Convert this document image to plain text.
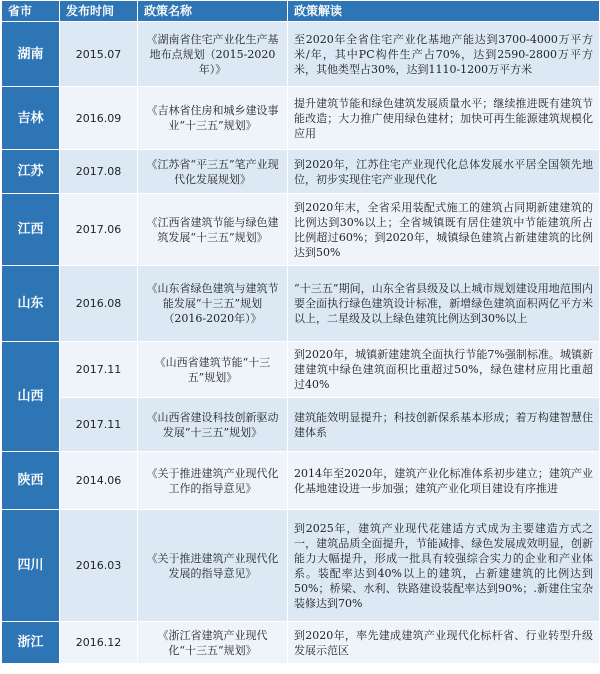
省市	发布时间	政策名称	政策解读
湖南	2015.07	《湖南省住宅产业化生产基地布点规划（2015-2020年）》	至2020年全省住宅产业化基地产能达到3700-4000万平方米/年，其中PC构件生产占70%，达到2590-2800万平方米，其他类型占30%，达到1110-1200万平方米
吉林	2016.09	《吉林省住房和城乡建设事业“十三五”规划》	提升建筑节能和绿色建筑发展质量水平；继续推进既有建筑节能改造；大力推广使用绿色建材；加快可再生能源建筑规模化应用
江苏	2017.08	《江苏省“平三五”笔产业现代化发展规划》	到2020年，江苏住宅产业现代化总体发展水平居全国领先地位，初步实现住宅产业现代化
江西	2017.06	《江西省建筑节能与绿色建筑发展“十三五”规划》	到2020年末，全省采用装配式施工的建筑占同期新建建筑的比例达到30%以上；全省城镇既有居住建筑中节能建筑所占比例超过60%；到2020年，城镇绿色建筑占新建建筑的比例达到50%
山东	2016.08	《山东省绿色建筑与建筑节能发展“十三五”规划（2016-2020年）》	“十三五”期间，山东全省县级及以上城市规划建设用地范围内要全面执行绿色建筑设计标准，新增绿色建筑面积两亿平方米以上，二星级及以上绿色建筑比例达到30%以上
山西	2017.11	《山西省建筑节能“十三五”规划》	到2020年，城镇新建建筑全面执行节能7%强制标准。城镇新建建筑中绿色建筑面积比重超过50%，绿色建材应用比重超过40%
	2017.11	《山西省建设科技创新驱动发展“十三五”规划》	建筑能效明显提升；科技创新保系基本形成；着万构建智慧住建体系
陕西	2014.06	《关于推进建筑产业现代化工作的指导意见》	2014年至2020年，建筑产业化标准体系初步建立；建筑产业化基地建设进一步加强；建筑产业化项目建设有序推进
四川	2016.03	《关于推进建筑产业现代化发展的指导意见》	到2025年，建筑产业现代花建适方式成为主要建造方式之一，建筑品质全面提升，节能减排、绿色发展成效明显，创新能力大幅提升，形成一批具有较强综合实力的企业和产业体系。装配率达到40%以上的建筑，占新建建筑的比例达到50%；桥梁、水利、铁路建设装配率达到90%；.新建住宝杂装修达到70%
浙江	2016.12	《浙江省建筑产业现代化“十三五”规划》	到2020年，率先建成建筑产业现代化标杆省、行业转型升级发展示范区
